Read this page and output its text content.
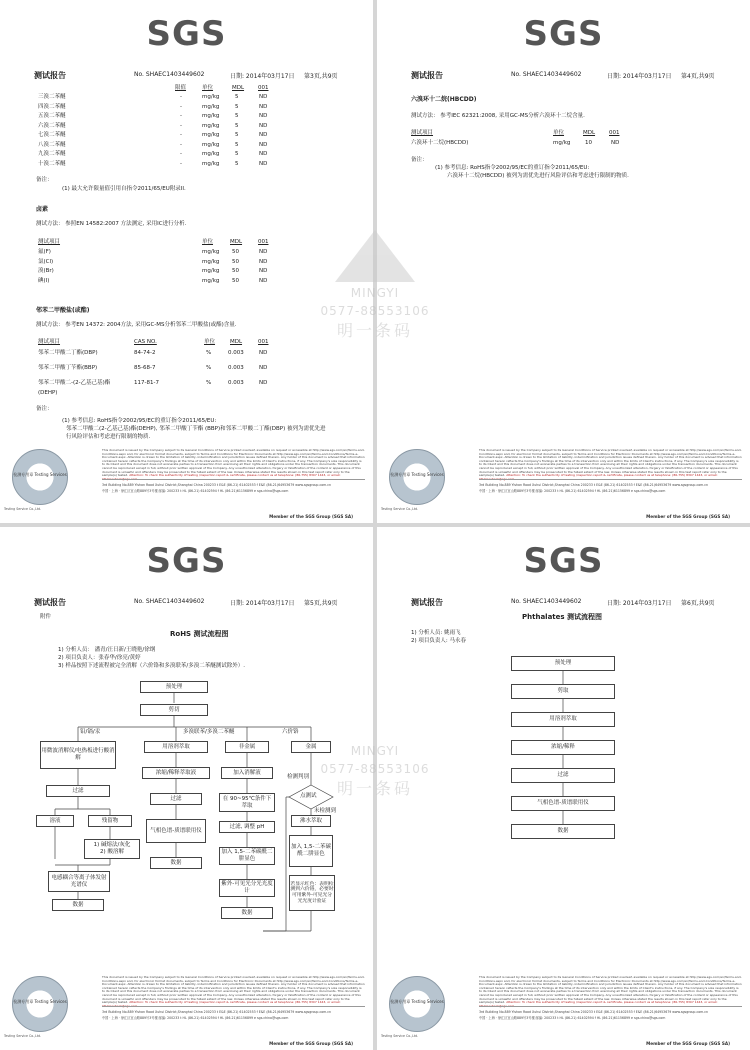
SGS
测试报告	No. SHAEC1403449602	日期: 2014年03月17日 第3页,共9页
限值	单位	MDL	001
三溴二苯醚	-	mg/kg	5	ND
四溴二苯醚	-	mg/kg	5	ND
五溴二苯醚	-	mg/kg	5	ND
六溴二苯醚	-	mg/kg	5	ND
七溴二苯醚	-	mg/kg	5	ND
八溴二苯醚	-	mg/kg	5	ND
九溴二苯醚	-	mg/kg	5	ND
十溴二苯醚	-	mg/kg	5	ND
备注：
(1) 最大允许限量值引用自指令2011/65/EU附录II.
卤素
测试方法： 参照EN 14582:2007 方法测定, 采用IC进行分析.
测试项目	单位	MDL	001
氟(F)	mg/kg 50	ND
氯(Cl)	mg/kg 50	ND
溴(Br)	mg/kg 50	ND
碘(I)	mg/kg 50	ND
邻苯二甲酸盐(或酯)
测试方法： 参考EN 14372: 2004方法, 采用GC-MS分析邻苯二甲酸盐(或酯)含量.
测试项目	CAS NO.	单位	MDL	001
邻苯二甲酸二丁酯(DBP)	84-74-2	%	0.003	ND
邻苯二甲酸丁苄酯(BBP)	85-68-7	%	0.003	ND
邻苯二甲酸二-(2-乙基己基)酯	117-81-7	%	0.003	ND
(DEHP)
备注：
(1) 参考信息: RoHS指令2002/95/EC的重订指令2011/65/EU:
邻苯二甲酸二(2-乙基己基)酯(DEHP), 邻苯二甲酸丁苄酯 (BBP)和邻苯二甲酸二丁酯(DBP) 被列为需优先进
行风险评估和考虑进行限制的物质.
检测专用章 Testing Services
Testing Service Co.,Ltd.
This document is issued by the Company subject to its General Conditions of Service printed overleaf, available on request or accessible at http://www.sgs.com/en/Terms-and-Conditions.aspx and, for electronic format documents, subject to Terms and Conditions for Electronic Documents at http://www.sgs.com/en/Terms-and-Conditions/Terms-e-Document.aspx. Attention is drawn to the limitation of liability, indemnification and jurisdiction issues defined therein. Any holder of this document is advised that information contained hereon reflects the Company's findings at the time of its intervention only and within the limits of Client's instructions, if any. The Company's sole responsibility is to its Client and this document does not exonerate parties to a transaction from exercising all their rights and obligations under the transaction documents. This document cannot be reproduced except in full, without prior written approval of the Company. Any unauthorized alteration, forgery or falsification of the content or appearance of this document is unlawful and offenders may be prosecuted to the fullest extent of the law. Unless otherwise stated the results shown in this test report refer only to the sample(s) tested. Attention: To check the authenticity of testing /inspection report & certificate, please contact us at telephone: (86-755) 8307 1443, or email: CN.Doccheck@sgs.com
3rd Building No.889 Yishan Road Xuhui District,Shanghai China 200233 t E&E (86-21) 61402553 f E&E (86-21)64953679 www.sgsgroup.com.cn
中国 · 上海 · 徐汇区宜山路889号3号楼 邮编: 200233 t HL (86-21) 61402594 f HL (86-21)61156899 e sgs.china@sgs.com
Member of the SGS Group (SGS SA)
SGS
测试报告	No. SHAEC1403449602	日期: 2014年03月17日 第4页,共9页
六溴环十二烷(HBCDD)
测试方法： 参考IEC 62321:2008, 采用GC-MS分析六溴环十二烷含量.
测试项目	单位	MDL	001
六溴环十二烷(HBCDD)	mg/kg	10	ND
备注：
(1) 参考信息: RoHS指令2002/95/EC的重订指令2011/65/EU:
六溴环十二烷(HBCDD) 被列为需优先进行风险评估和考虑进行限制的物质.
检测专用章 Testing Services
Testing Service Co.,Ltd.
This document is issued by the Company subject to its General Conditions of Service printed overleaf, available on request or accessible at http://www.sgs.com/en/Terms-and-Conditions.aspx and, for electronic format documents, subject to Terms and Conditions for Electronic Documents at http://www.sgs.com/en/Terms-and-Conditions/Terms-e-Document.aspx. Attention is drawn to the limitation of liability, indemnification and jurisdiction issues defined therein. Any holder of this document is advised that information contained hereon reflects the Company's findings at the time of its intervention only and within the limits of Client's instructions, if any. The Company's sole responsibility is to its Client and this document does not exonerate parties to a transaction from exercising all their rights and obligations under the transaction documents. This document cannot be reproduced except in full, without prior written approval of the Company. Any unauthorized alteration, forgery or falsification of the content or appearance of this document is unlawful and offenders may be prosecuted to the fullest extent of the law. Unless otherwise stated the results shown in this test report refer only to the sample(s) tested. Attention: To check the authenticity of testing /inspection report & certificate, please contact us at telephone: (86-755) 8307 1443, or email: CN.Doccheck@sgs.com
3rd Building No.889 Yishan Road Xuhui District,Shanghai China 200233 t E&E (86-21) 61402553 f E&E (86-21)64953679 www.sgsgroup.com.cn
中国 · 上海 · 徐汇区宜山路889号3号楼 邮编: 200233 t HL (86-21) 61402594 f HL (86-21)61156899 e sgs.china@sgs.com
Member of the SGS Group (SGS SA)
SGS
测试报告	No. SHAEC1403449602	日期: 2014年03月17日 第5页,共9页
附件
RoHS 测试流程图
1) 分析人员： 潘青/汪日新/王晓艳/徐纲
2) 项目负责人：张春华/徐亮/黄婷
3) 样品按照下述流程被完全消解（六价铬和多溴联苯/多溴二苯醚测试除外）.
预处理
剪切
铅/镉/汞	多溴联苯/多溴二苯醚	六价铬
用微波消解仪/电热板进行酸消解
过滤
溶液	残留物
1) 碱熔法/灰化
2) 酸溶解
电感耦合等离子体发射光谱仪
数据
用溶剂萃取
浓缩/稀释萃取液
过滤
气相色谱-质谱联用仪
数据
非金属
加入消解液
在 90~95℃条件下萃取
过滤, 调整 pH
加入 1,5-二苯碳酰二肼显色
紫外-可见光分光光度计
数据
金属
检测判别
点测试
未检测到
沸水萃取
加入 1,5-二苯碳酰二肼显色
若显示红色：表明检测到六价铬，必要时可用紫外-可见光分光光度计验证
检测专用章 Testing Services
Testing Service Co.,Ltd.
This document is issued by the Company subject to its General Conditions of Service printed overleaf, available on request or accessible at http://www.sgs.com/en/Terms-and-Conditions.aspx and, for electronic format documents, subject to Terms and Conditions for Electronic Documents at http://www.sgs.com/en/Terms-and-Conditions/Terms-e-Document.aspx. Attention is drawn to the limitation of liability, indemnification and jurisdiction issues defined therein. Any holder of this document is advised that information contained hereon reflects the Company's findings at the time of its intervention only and within the limits of Client's instructions, if any. The Company's sole responsibility is to its Client and this document does not exonerate parties to a transaction from exercising all their rights and obligations under the transaction documents. This document cannot be reproduced except in full, without prior written approval of the Company. Any unauthorized alteration, forgery or falsification of the content or appearance of this document is unlawful and offenders may be prosecuted to the fullest extent of the law. Unless otherwise stated the results shown in this test report refer only to the sample(s) tested. Attention: To check the authenticity of testing /inspection report & certificate, please contact us at telephone: (86-755) 8307 1443, or email: CN.Doccheck@sgs.com
3rd Building No.889 Yishan Road Xuhui District,Shanghai China 200233 t E&E (86-21) 61402553 f E&E (86-21)64953679 www.sgsgroup.com.cn
中国 · 上海 · 徐汇区宜山路889号3号楼 邮编: 200233 t HL (86-21) 61402594 f HL (86-21)61156899 e sgs.china@sgs.com
Member of the SGS Group (SGS SA)
SGS
测试报告	No. SHAEC1403449602	日期: 2014年03月17日 第6页,共9页
Phthalates 测试流程图
1) 分析人员: 姚雨飞
2) 项目负责人: 马永春
预处理
剪取
用溶剂萃取
浓缩/稀释
过滤
气相色谱-质谱联用仪
数据
检测专用章 Testing Services
Testing Service Co.,Ltd.
This document is issued by the Company subject to its General Conditions of Service printed overleaf, available on request or accessible at http://www.sgs.com/en/Terms-and-Conditions.aspx and, for electronic format documents, subject to Terms and Conditions for Electronic Documents at http://www.sgs.com/en/Terms-and-Conditions/Terms-e-Document.aspx. Attention is drawn to the limitation of liability, indemnification and jurisdiction issues defined therein. Any holder of this document is advised that information contained hereon reflects the Company's findings at the time of its intervention only and within the limits of Client's instructions, if any. The Company's sole responsibility is to its Client and this document does not exonerate parties to a transaction from exercising all their rights and obligations under the transaction documents. This document cannot be reproduced except in full, without prior written approval of the Company. Any unauthorized alteration, forgery or falsification of the content or appearance of this document is unlawful and offenders may be prosecuted to the fullest extent of the law. Unless otherwise stated the results shown in this test report refer only to the sample(s) tested. Attention: To check the authenticity of testing /inspection report & certificate, please contact us at telephone: (86-755) 8307 1443, or email: CN.Doccheck@sgs.com
3rd Building No.889 Yishan Road Xuhui District,Shanghai China 200233 t E&E (86-21) 61402553 f E&E (86-21)64953679 www.sgsgroup.com.cn
中国 · 上海 · 徐汇区宜山路889号3号楼 邮编: 200233 t HL (86-21) 61402594 f HL (86-21)61156899 e sgs.china@sgs.com
Member of the SGS Group (SGS SA)
MINGYI
0577-88553106
明一条码
MINGYI
0577-88553106
明一条码
